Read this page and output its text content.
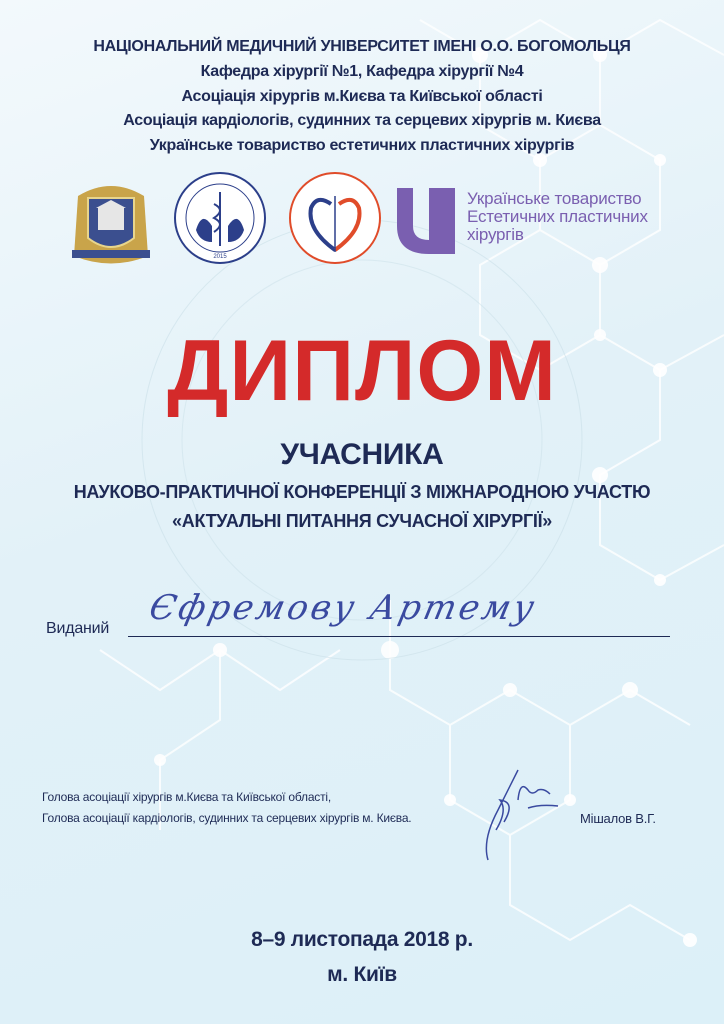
НАЦІОНАЛЬНИЙ МЕДИЧНИЙ УНІВЕРСИТЕТ ІМЕНІ О.О. БОГОМОЛЬЦЯ
Кафедра хірургії №1, Кафедра хірургії №4
Асоціація хірургів м.Києва та Київської області
Асоціація кардіологів, судинних та серцевих хірургів м. Києва
Українське товариство естетичних пластичних хірургів
2015
Українське товариство
Естетичних пластичних
хірургів
ДИПЛОМ
УЧАСНИКА
НАУКОВО-ПРАКТИЧНОЇ КОНФЕРЕНЦІЇ З МІЖНАРОДНОЮ УЧАСТЮ
«АКТУАЛЬНІ ПИТАННЯ СУЧАСНОЇ ХІРУРГІЇ»
Виданий
Єфремову Артему
Голова асоціації хірургів м.Києва та Київської області,
Голова асоціації кардіологів, судинних та серцевих хірургів м. Києва.	Мішалов В.Г.
8–9 листопада 2018 р.
м. Київ
